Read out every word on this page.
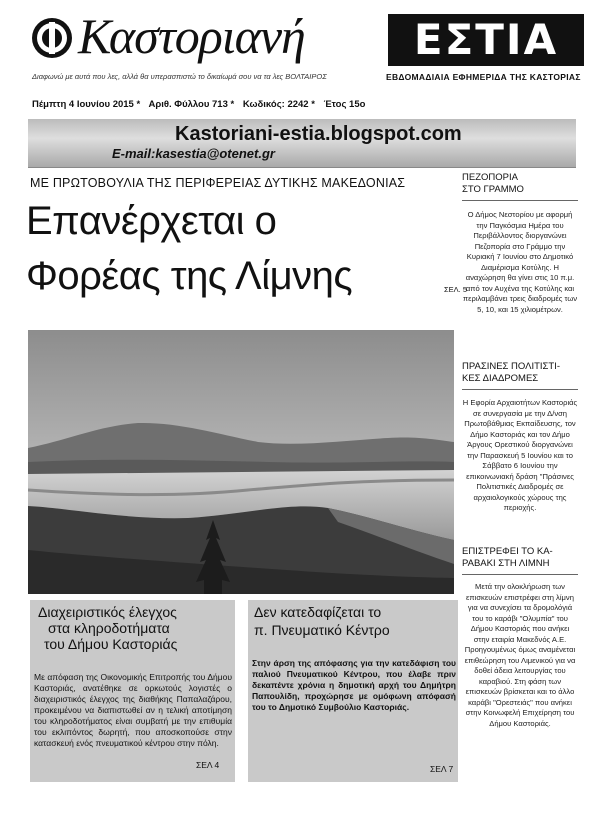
Καστοριανή	ΕΣΤΙΑ
Διαφωνώ με αυτά που λες, αλλά θα υπερασπιστώ το δικαίωμά σου να τα λες ΒΟΛΤΑΙΡΟΣ	ΕΒΔΟΜΑΔΙΑΙΑ ΕΦΗΜΕΡΙΔΑ ΤΗΣ ΚΑΣΤΟΡΙΑΣ
Πέμπτη 4 Ιουνίου 2015 * Αριθ. Φύλλου 713 * Κωδικός: 2242 * Έτος 15ο
Kastoriani-estia.blogspot.com
E-mail:kasestia@otenet.gr
ΜΕ ΠΡΩΤΟΒΟΥΛΙΑ ΤΗΣ ΠΕΡΙΦΕΡΕΙΑΣ ΔΥΤΙΚΗΣ ΜΑΚΕΔΟΝΙΑΣ
Επανέρχεται ο
Φορέας της Λίμνης	ΣΕΛ. 5
Διαχειριστικός έλεγχος
στα κληροδοτήματα
του Δήμου Καστοριάς
Με απόφαση της Οικονομικής Επιτροπής του Δήμου Καστοριάς, ανατέθηκε σε ορκωτούς λογιστές ο διαχειριστικός έλεγχος της διαθήκης Παπαλαζάρου, προκειμένου να διαπιστωθεί αν η τελική αποτίμηση του κληροδοτήματος είναι συμβατή με την επιθυμία του εκλιπόντος δωρητή, που αποσκοπούσε στην κατασκευή ενός πνευματικού κέντρου στην πόλη.
ΣΕΛ 4
Δεν κατεδαφίζεται το
π. Πνευματικό Κέντρο
Στην άρση της απόφασης για την κατεδάφιση του παλιού Πνευματικού Κέντρου, που έλαβε πριν δεκαπέντε χρόνια η δημοτική αρχή του Δημήτρη Παπουλίδη, προχώρησε με ομόφωνη απόφασή του το Δημοτικό Συμβούλιο Καστοριάς.
ΣΕΛ 7
ΠΕΖΟΠΟΡΙΑ
ΣΤΟ ΓΡΑΜΜΟ
Ο Δήμος Νεστορίου με αφορμή την Παγκόσμια Ημέρα του Περιβάλλοντος διοργανώνει Πεζοπορία στο Γράμμο την Κυριακή 7 Ιουνίου στο Δημοτικό Διαμέρισμα Κοτύλης. Η αναχώρηση θα γίνει στις 10 π.μ. από τον Αυχένα της Κοτύλης και περιλαμβάνει τρεις διαδρομές των 5, 10, και 15 χιλιομέτρων.
ΠΡΑΣΙΝΕΣ ΠΟΛΙΤΙΣΤΙ-
ΚΕΣ ΔΙΑΔΡΟΜΕΣ
Η Εφορία Αρχαιοτήτων Καστοριάς σε συνεργασία με την Δ/νση Πρωτοβάθμιας Εκπαίδευσης, τον Δήμο Καστοριάς και τον Δήμο Άργους Ορεστικού διοργανώνει την Παρασκευή 5 Ιουνίου και το Σάββατο 6 Ιουνίου την επικοινωνιακή δράση "Πράσινες Πολιτιστικές Διαδρομές σε αρχαιολογικούς χώρους της περιοχής.
ΕΠΙΣΤΡΕΦΕΙ ΤΟ ΚΑ-
ΡΑΒΑΚΙ ΣΤΗ ΛΙΜΝΗ
Μετά την ολοκλήρωση των επισκευών επιστρέφει στη λίμνη για να συνεχίσει τα δρομολόγιά του το καράβι "Ολυμπία" του Δήμου Καστοριάς που ανήκει στην εταιρία Μακεδνός Α.Ε. Προηγουμένως όμως αναμένεται επιθεώρηση του Λιμενικού για να δοθεί άδεια λειτουργίας του καραβιού. Στη φάση των επισκευών βρίσκεται και το άλλο καράβι "Ορεστειάς" που ανήκει στην Κοινωφελή Επιχείρηση του Δήμου Καστοριάς.
